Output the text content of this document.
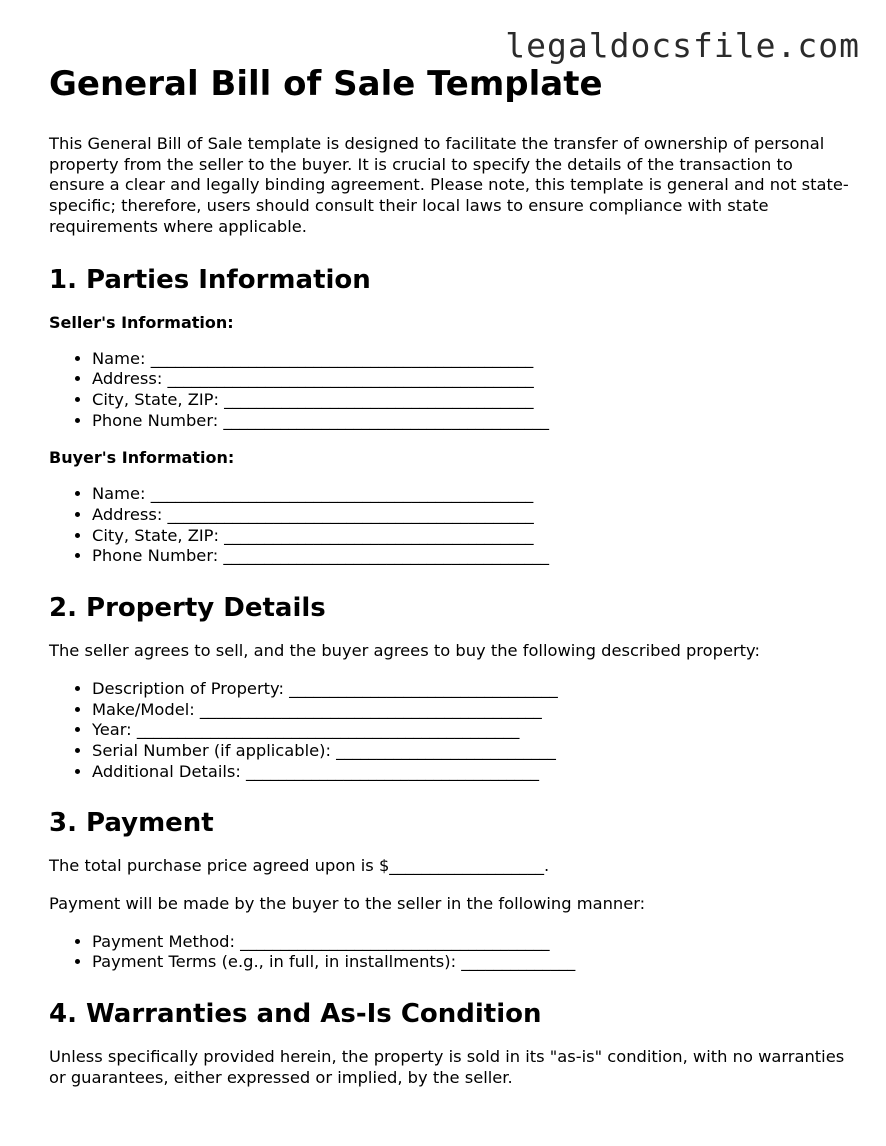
legaldocsfile.com
General Bill of Sale Template

This General Bill of Sale template is designed to facilitate the transfer of ownership of personal property from the seller to the buyer. It is crucial to specify the details of the transaction to ensure a clear and legally binding agreement. Please note, this template is general and not state-specific; therefore, users should consult their local laws to ensure compliance with state requirements where applicable.

1. Parties Information
Seller's Information:
• Name: _______________________________________________
• Address: _____________________________________________
• City, State, ZIP: ______________________________________
• Phone Number: ________________________________________
Buyer's Information:
• Name: _______________________________________________
• Address: _____________________________________________
• City, State, ZIP: ______________________________________
• Phone Number: ________________________________________
2. Property Details

The seller agrees to sell, and the buyer agrees to buy the following described property:

• Description of Property: _________________________________
• Make/Model: __________________________________________
• Year: _______________________________________________
• Serial Number (if applicable): ___________________________
• Additional Details: ____________________________________
3. Payment

The total purchase price agreed upon is $___________________.

Payment will be made by the buyer to the seller in the following manner:

• Payment Method: ______________________________________
• Payment Terms (e.g., in full, in installments): ______________
4. Warranties and As-Is Condition

Unless specifically provided herein, the property is sold in its "as-is" condition, with no warranties or guarantees, either expressed or implied, by the seller.
